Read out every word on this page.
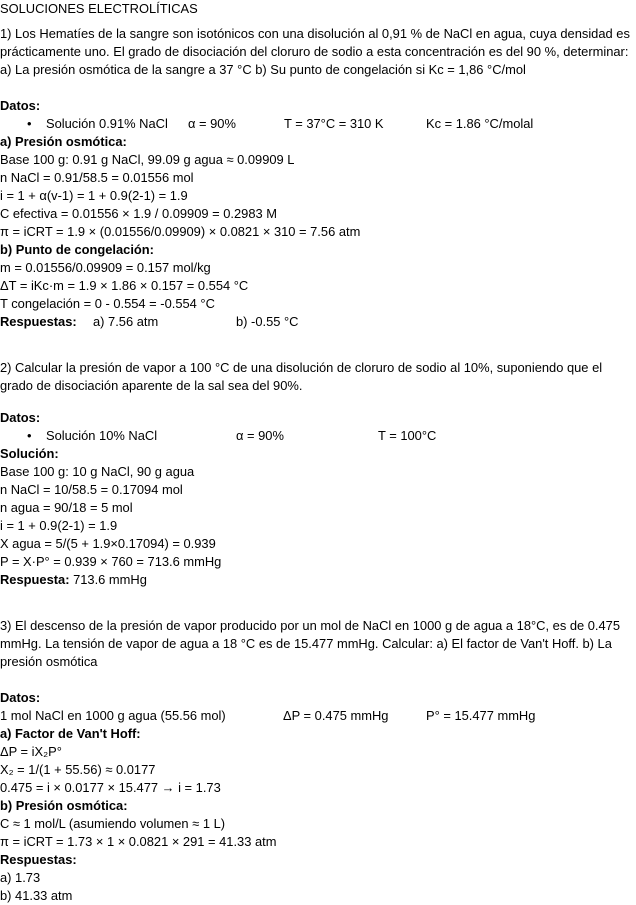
SOLUCIONES ELECTROLÍTICAS
1) Los Hematíes de la sangre son isotónicos con una disolución al 0,91 % de NaCl en agua, cuya densidad es prácticamente uno. El grado de disociación del cloruro de sodio a esta concentración es del 90 %, determinar: a) La presión osmótica de la sangre a 37 °C b) Su punto de congelación si Kc = 1,86 °C/mol
Datos:
• Solución 0.91% NaCl α = 90%	T = 37°C = 310 K	Kc = 1.86 °C/molal
a) Presión osmótica:
Base 100 g: 0.91 g NaCl, 99.09 g agua ≈ 0.09909 L
n NaCl = 0.91/58.5 = 0.01556 mol
i = 1 + α(v-1) = 1 + 0.9(2-1) = 1.9
C efectiva = 0.01556 × 1.9 / 0.09909 = 0.2983 M
π = iCRT = 1.9 × (0.01556/0.09909) × 0.0821 × 310 = 7.56 atm
b) Punto de congelación:
m = 0.01556/0.09909 = 0.157 mol/kg
ΔT = iKc·m = 1.9 × 1.86 × 0.157 = 0.554 °C
T congelación = 0 - 0.554 = -0.554 °C
Respuestas: a) 7.56 atm	b) -0.55 °C
2) Calcular la presión de vapor a 100 °C de una disolución de cloruro de sodio al 10%, suponiendo que el grado de disociación aparente de la sal sea del 90%.
Datos:
• Solución 10% NaCl	α = 90%	T = 100°C
Solución:
Base 100 g: 10 g NaCl, 90 g agua
n NaCl = 10/58.5 = 0.17094 mol
n agua = 90/18 = 5 mol
i = 1 + 0.9(2-1) = 1.9
X agua = 5/(5 + 1.9×0.17094) = 0.939
P = X·P° = 0.939 × 760 = 713.6 mmHg
Respuesta: 713.6 mmHg
3) El descenso de la presión de vapor producido por un mol de NaCl en 1000 g de agua a 18°C, es de 0.475 mmHg. La tensión de vapor de agua a 18 °C es de 15.477 mmHg. Calcular: a) El factor de Van't Hoff. b) La presión osmótica
Datos:
1 mol NaCl en 1000 g agua (55.56 mol)	ΔP = 0.475 mmHg	P° = 15.477 mmHg
a) Factor de Van't Hoff:
ΔP = iX₂P°
X₂ = 1/(1 + 55.56) ≈ 0.0177
0.475 = i × 0.0177 × 15.477 → i = 1.73
b) Presión osmótica:
C ≈ 1 mol/L (asumiendo volumen ≈ 1 L)
π = iCRT = 1.73 × 1 × 0.0821 × 291 = 41.33 atm
Respuestas:
a) 1.73
b) 41.33 atm
